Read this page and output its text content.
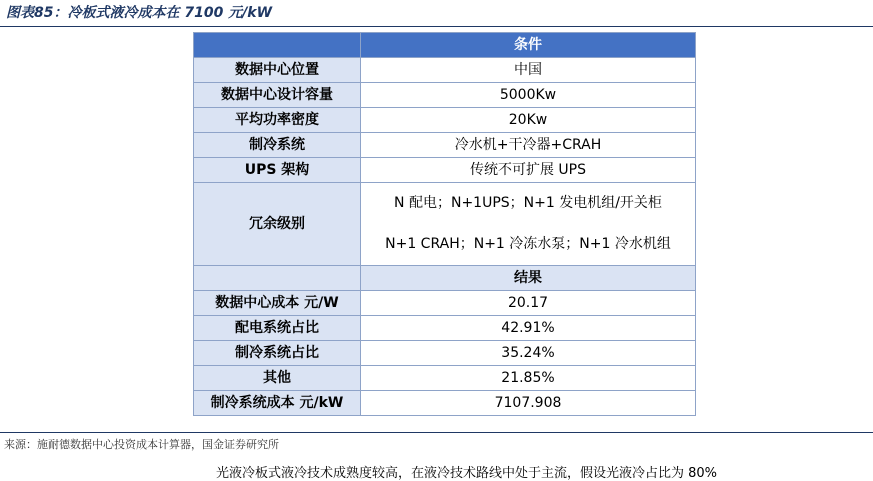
图表85：冷板式液冷成本在 7100 元/kW
	条件
数据中心位置	中国
数据中心设计容量	5000Kw
平均功率密度	20Kw
制冷系统	冷水机+干冷器+CRAH
UPS 架构	传统不可扩展 UPS
冗余级别	N 配电；N+1UPS；N+1 发电机组/开关柜
N+1 CRAH；N+1 冷冻水泵；N+1 冷水机组

	结果
数据中心成本 元/W	20.17
配电系统占比	42.91%
制冷系统占比	35.24%
其他	21.85%
制冷系统成本 元/kW	7107.908
来源：施耐德数据中心投资成本计算器，国金证券研究所
光液冷板式液冷技术成熟度较高，在液冷技术路线中处于主流，假设光液冷占比为 80%
